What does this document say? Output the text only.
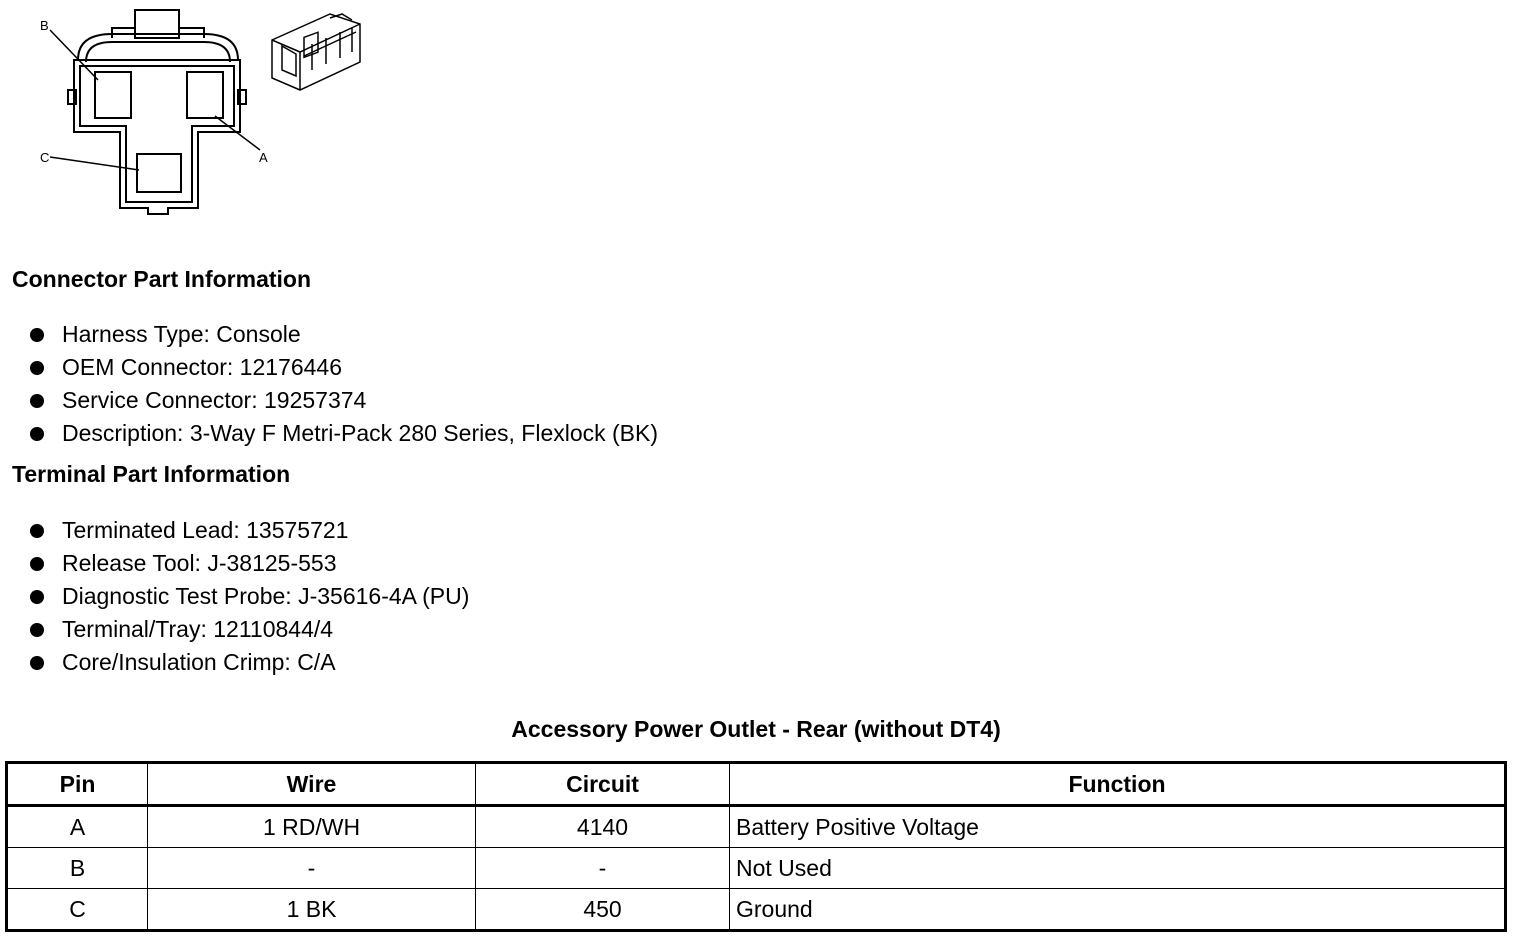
B
A
C
Connector Part Information
Harness Type: Console
OEM Connector: 12176446
Service Connector: 19257374
Description: 3-Way F Metri-Pack 280 Series, Flexlock (BK)
Terminal Part Information
Terminated Lead: 13575721
Release Tool: J-38125-553
Diagnostic Test Probe: J-35616-4A (PU)
Terminal/Tray: 12110844/4
Core/Insulation Crimp: C/A
Accessory Power Outlet - Rear (without DT4)
Pin	Wire	Circuit	Function
A	1 RD/WH	4140	Battery Positive Voltage
B	-	-	Not Used
C	1 BK	450	Ground
